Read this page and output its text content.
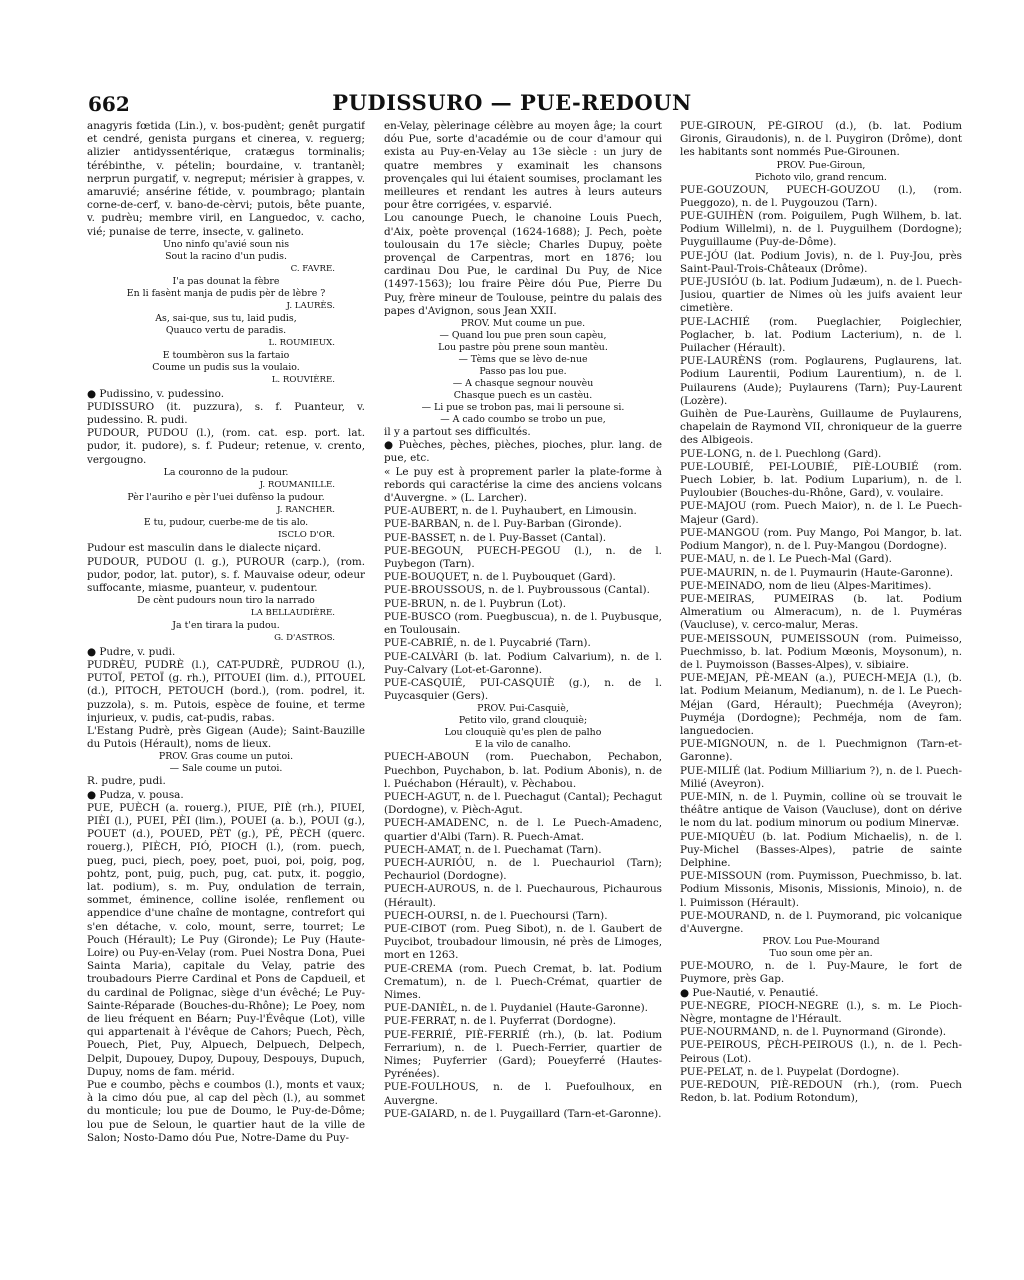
662	PUDISSURO — PUE-REDOUN

anagyris fœtida (Lin.), v. bos-pudènt; genêt purgatif et cendré, genista purgans et cinerea, v. reguerg; alizier antidyssentérique, cratægus torminalis; térébinthe, v. pételin; bourdaine, v. trantanèl; nerprun purgatif, v. negreput; mérisier à grappes, v. amaruvié; ansérine fétide, v. poumbrago; plantain corne-de-cerf, v. bano-de-cèrvi; putois, bête puante, v. pudrèu; membre viril, en Languedoc, v. cacho, vié; punaise de terre, insecte, v. galineto.

Uno ninfo qu'avié soun nis

Sout la racino d'un pudis.

C. FAVRE.

I'a pas dounat la fèbre

En li fasènt manja de pudis pèr de lèbre ?

J. LAURÈS.

As, sai-que, sus tu, laid pudis,

Quauco vertu de paradis.

L. ROUMIEUX.

E toumbèron sus la fartaio

Coume un pudis sus la voulaio.

L. ROUVIÈRE.

● Pudissino, v. pudessino.

PUDISSURO (it. puzzura), s. f. Puanteur, v. pudessino. R. pudi.

PUDOUR, PUDOU (l.), (rom. cat. esp. port. lat. pudor, it. pudore), s. f. Pudeur; retenue, v. crento, vergougno.

La couronno de la pudour.

J. ROUMANILLE.

Pèr l'auriho e pèr l'uei dufènso la pudour.

J. RANCHER.

E tu, pudour, cuerbe-me de tis alo.

ISCLO D'OR.

Pudour est masculin dans le dialecte niçard.

PUDOUR, PUDOU (l. g.), PUROUR (carp.), (rom. pudor, podor, lat. putor), s. f. Mauvaise odeur, odeur suffocante, miasme, puanteur, v. pudentour.

De cènt pudours noun tiro la narrado

LA BELLAUDIÈRE.

Ja t'en tirara la pudou.

G. D'ASTROS.

● Pudre, v. pudi.

PUDRÈU, PUDRÈ (l.), CAT-PUDRÈ, PUDROU (l.), PUTOÏ, PETOÏ (g. rh.), PITOUEI (lim. d.), PITOUEL (d.), PITOCH, PETOUCH (bord.), (rom. podrel, it. puzzola), s. m. Putois, espèce de fouine, et terme injurieux, v. pudis, cat-pudis, rabas.

L'Estang Pudrè, près Gigean (Aude); Saint-Bauzille du Putois (Hérault), noms de lieux.

PROV. Gras coume un putoi.

— Sale coume un putoi.

R. pudre, pudi.

● Pudza, v. pousa.

PUE, PUÈCH (a. rouerg.), PIUE, PIÈ (rh.), PIUEI, PIÈI (l.), PUEI, PÈI (lim.), POUEI (a. b.), POUI (g.), POUET (d.), POUED, PÈT (g.), PÉ, PÈCH (querc. rouerg.), PIÈCH, PIÓ, PIOCH (l.), (rom. puech, pueg, puci, piech, poey, poet, puoi, poi, poig, pog, pohtz, pont, puig, puch, pug, cat. putx, it. poggio, lat. podium), s. m. Puy, ondulation de terrain, sommet, éminence, colline isolée, renflement ou appendice d'une chaîne de montagne, contrefort qui s'en détache, v. colo, mount, serre, tourret; Le Pouch (Hérault); Le Puy (Gironde); Le Puy (Haute-Loire) ou Puy-en-Velay (rom. Puei Nostra Dona, Puei Sainta Maria), capitale du Velay, patrie des troubadours Pierre Cardinal et Pons de Capdueil, et du cardinal de Polignac, siège d'un évêché; Le Puy-Sainte-Réparade (Bouches-du-Rhône); Le Poey, nom de lieu fréquent en Béarn; Puy-l'Évêque (Lot), ville qui appartenait à l'évêque de Cahors; Puech, Pèch, Pouech, Piet, Puy, Alpuech, Delpuech, Delpech, Delpit, Dupouey, Dupoy, Dupouy, Despouys, Dupuch, Dupuy, noms de fam. mérid.

Pue e coumbo, pèchs e coumbos (l.), monts et vaux; à la cimo dóu pue, al cap del pèch (l.), au sommet du monticule; lou pue de Doumo, le Puy-de-Dôme; lou pue de Seloun, le quartier haut de la ville de Salon; Nosto-Damo dóu Pue, Notre-Dame du Puy-

en-Velay, pèlerinage célèbre au moyen âge; la court dóu Pue, sorte d'académie ou de cour d'amour qui exista au Puy-en-Velay au 13e siècle : un jury de quatre membres y examinait les chansons provençales qui lui étaient soumises, proclamant les meilleures et rendant les autres à leurs auteurs pour être corrigées, v. esparvié.

Lou canounge Puech, le chanoine Louis Puech, d'Aix, poète provençal (1624-1688); J. Pech, poète toulousain du 17e siècle; Charles Dupuy, poète provençal de Carpentras, mort en 1876; lou cardinau Dou Pue, le cardinal Du Puy, de Nice (1497-1563); lou fraire Pèire dóu Pue, Pierre Du Puy, frère mineur de Toulouse, peintre du palais des papes d'Avignon, sous Jean XXII.

PROV. Mut coume un pue.

— Quand lou pue pren soun capèu,

Lou pastre pòu prene soun mantèu.

— Tèms que se lèvo de-nue

Passo pas lou pue.

— A chasque segnour nouvèu

Chasque puech es un castèu.

— Li pue se trobon pas, mai li persoune si.

— A cado coumbo se trobo un pue,

il y a partout ses difficultés.

● Puèches, pèches, pièches, pioches, plur. lang. de pue, etc.

« Le puy est à proprement parler la plate-forme à rebords qui caractérise la cime des anciens volcans d'Auvergne. » (L. Larcher).

PUE-AUBERT, n. de l. Puyhaubert, en Limousin.

PUE-BARBAN, n. de l. Puy-Barban (Gironde).

PUE-BASSET, n. de l. Puy-Basset (Cantal).

PUE-BEGOUN, PUECH-PEGOU (l.), n. de l. Puybegon (Tarn).

PUE-BOUQUET, n. de l. Puybouquet (Gard).

PUE-BROUSSOUS, n. de l. Puybroussous (Cantal).

PUE-BRUN, n. de l. Puybrun (Lot).

PUE-BUSCO (rom. Puegbuscua), n. de l. Puybusque, en Toulousain.

PUE-CABRIÉ, n. de l. Puycabrié (Tarn).

PUE-CALVÀRI (b. lat. Podium Calvarium), n. de l. Puy-Calvary (Lot-et-Garonne).

PUE-CASQUIÉ, PUI-CASQUIÈ (g.), n. de l. Puycasquier (Gers).

PROV. Pui-Casquiè,

Petito vilo, grand clouquiè;

Lou clouquiè qu'es plen de palho

E la vilo de canalho.

PUECH-ABOUN (rom. Puechabon, Pechabon, Puechbon, Puychabon, b. lat. Podium Abonis), n. de l. Puéchabon (Hérault), v. Pèchabou.

PUECH-AGUT, n. de l. Puechagut (Cantal); Pechagut (Dordogne), v. Pièch-Agut.

PUECH-AMADENC, n. de l. Le Puech-Amadenc, quartier d'Albi (Tarn). R. Puech-Amat.

PUECH-AMAT, n. de l. Puechamat (Tarn).

PUECH-AURIÓU, n. de l. Puechauriol (Tarn); Pechauriol (Dordogne).

PUECH-AUROUS, n. de l. Puechaurous, Pichaurous (Hérault).

PUECH-OURSI, n. de l. Puechoursi (Tarn).

PUE-CIBOT (rom. Pueg Sibot), n. de l. Gaubert de Puycibot, troubadour limousin, né près de Limoges, mort en 1263.

PUE-CREMA (rom. Puech Cremat, b. lat. Podium Crematum), n. de l. Puech-Crémat, quartier de Nimes.

PUE-DANIÈL, n. de l. Puydaniel (Haute-Garonne).

PUE-FERRAT, n. de l. Puyferrat (Dordogne).

PUE-FERRIÉ, PIÈ-FERRIÉ (rh.), (b. lat. Podium Ferrarium), n. de l. Puech-Ferrier, quartier de Nimes; Puyferrier (Gard); Poueyferré (Hautes-Pyrénées).

PUE-FOULHOUS, n. de l. Puefoulhoux, en Auvergne.

PUE-GAIARD, n. de l. Puygaillard (Tarn-et-Garonne).

PUE-GIROUN, PÈ-GIROU (d.), (b. lat. Podium Gironis, Giraudonis), n. de l. Puygiron (Drôme), dont les habitants sont nommés Pue-Girounen.

PROV. Pue-Giroun,

Pichoto vilo, grand rencum.

PUE-GOUZOUN, PUECH-GOUZOU (l.), (rom. Pueggozo), n. de l. Puygouzou (Tarn).

PUE-GUIHÈN (rom. Poiguilem, Pugh Wilhem, b. lat. Podium Willelmi), n. de l. Puyguilhem (Dordogne); Puyguillaume (Puy-de-Dôme).

PUE-JÓU (lat. Podium Jovis), n. de l. Puy-Jou, près Saint-Paul-Trois-Châteaux (Drôme).

PUE-JUSIÓU (b. lat. Podium Judæum), n. de l. Puech-Jusiou, quartier de Nimes où les juifs avaient leur cimetière.

PUE-LACHIÉ (rom. Pueglachier, Poiglechier, Poglacher, b. lat. Podium Lacterium), n. de l. Puilacher (Hérault).

PUE-LAURÈNS (rom. Poglaurens, Puglaurens, lat. Podium Laurentii, Podium Laurentium), n. de l. Puilaurens (Aude); Puylaurens (Tarn); Puy-Laurent (Lozère).

Guihèn de Pue-Laurèns, Guillaume de Puylaurens, chapelain de Raymond VII, chroniqueur de la guerre des Albigeois.

PUE-LONG, n. de l. Puechlong (Gard).

PUE-LOUBIÉ, PEI-LOUBIÉ, PIÈ-LOUBIÉ (rom. Puech Lobier, b. lat. Podium Luparium), n. de l. Puyloubier (Bouches-du-Rhône, Gard), v. voulaire.

PUE-MAJOU (rom. Puech Maior), n. de l. Le Puech-Majeur (Gard).

PUE-MANGOU (rom. Puy Mango, Poi Mangor, b. lat. Podium Mangor), n. de l. Puy-Mangou (Dordogne).

PUE-MAU, n. de l. Le Puech-Mal (Gard).

PUE-MAURIN, n. de l. Puymaurin (Haute-Garonne).

PUE-MEINADO, nom de lieu (Alpes-Maritimes).

PUE-MEIRAS, PUMEIRAS (b. lat. Podium Almeratium ou Almeracum), n. de l. Puyméras (Vaucluse), v. cerco-malur, Meras.

PUE-MEISSOUN, PUMEISSOUN (rom. Puimeisso, Puechmisso, b. lat. Podium Mœonis, Moysonum), n. de l. Puymoisson (Basses-Alpes), v. sibiaire.

PUE-MEJAN, PÈ-MEAN (a.), PUECH-MEJA (l.), (b. lat. Podium Meianum, Medianum), n. de l. Le Puech-Méjan (Gard, Hérault); Puechméja (Aveyron); Puyméja (Dordogne); Pechméja, nom de fam. languedocien.

PUE-MIGNOUN, n. de l. Puechmignon (Tarn-et-Garonne).

PUE-MILIÉ (lat. Podium Milliarium ?), n. de l. Puech-Milié (Aveyron).

PUE-MIN, n. de l. Puymin, colline où se trouvait le théâtre antique de Vaison (Vaucluse), dont on dérive le nom du lat. podium minorum ou podium Minervæ.

PUE-MIQUÈU (b. lat. Podium Michaelis), n. de l. Puy-Michel (Basses-Alpes), patrie de sainte Delphine.

PUE-MISSOUN (rom. Puymisson, Puechmisso, b. lat. Podium Missonis, Misonis, Missionis, Minoio), n. de l. Puimisson (Hérault).

PUE-MOURAND, n. de l. Puymorand, pic volcanique d'Auvergne.

PROV. Lou Pue-Mourand

Tuo soun ome pèr an.

PUE-MOURO, n. de l. Puy-Maure, le fort de Puymore, près Gap.

● Pue-Nautié, v. Penautié.

PUE-NEGRE, PIOCH-NEGRE (l.), s. m. Le Pioch-Nègre, montagne de l'Hérault.

PUE-NOURMAND, n. de l. Puynormand (Gironde).

PUE-PEIROUS, PÈCH-PEIROUS (l.), n. de l. Pech-Peirous (Lot).

PUE-PELAT, n. de l. Puypelat (Dordogne).

PUE-REDOUN, PIÈ-REDOUN (rh.), (rom. Puech Redon, b. lat. Podium Rotondum),
